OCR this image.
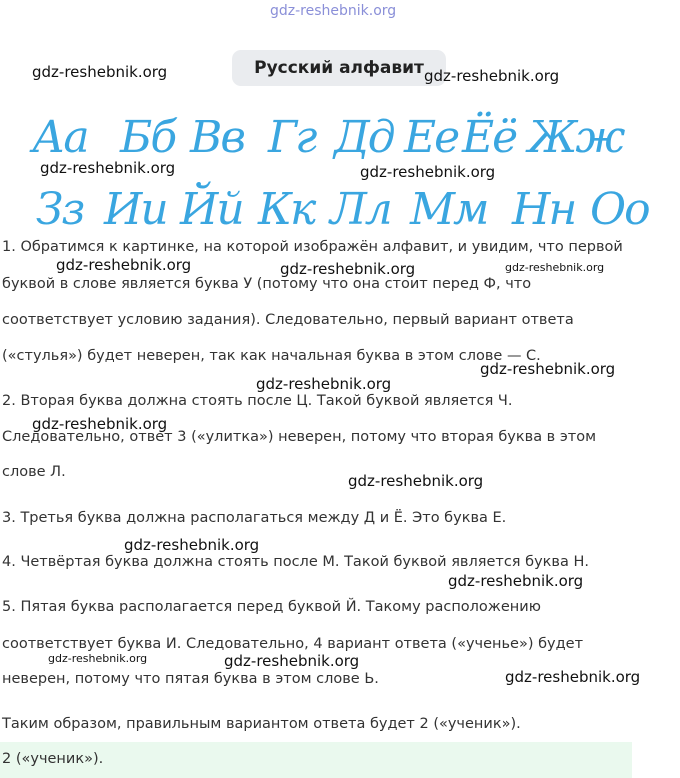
gdz-reshebnik.org
Русский алфавит
Аа Бб Вв Гг Дд Ее Ёё Жж
Зз Ии Йй Кк Лл Мм Нн Оо
1. Обратимся к картинке, на которой изображён алфавит, и увидим, что первой
буквой в слове является буква У (потому что она стоит перед Ф, что
соответствует условию задания). Следовательно, первый вариант ответа
(«стулья») будет неверен, так как начальная буква в этом слове — С.
2. Вторая буква должна стоять после Ц. Такой буквой является Ч.
Следовательно, ответ 3 («улитка») неверен, потому что вторая буква в этом
слове Л.
3. Третья буква должна располагаться между Д и Ё. Это буква Е.
4. Четвёртая буква должна стоять после М. Такой буквой является буква Н.
5. Пятая буква располагается перед буквой Й. Такому расположению
соответствует буква И. Следовательно, 4 вариант ответа («ученье») будет
неверен, потому что пятая буква в этом слове Ь.
Таким образом, правильным вариантом ответа будет 2 («ученик»).
2 («ученик»).
gdz-reshebnik.org	gdz-reshebnik.org
gdz-reshebnik.org	gdz-reshebnik.org
gdz-reshebnik.org	gdz-reshebnik.org	gdz-reshebnik.org
gdz-reshebnik.org
gdz-reshebnik.org
gdz-reshebnik.org
gdz-reshebnik.org
gdz-reshebnik.org
gdz-reshebnik.org
gdz-reshebnik.org	gdz-reshebnik.org
gdz-reshebnik.org
